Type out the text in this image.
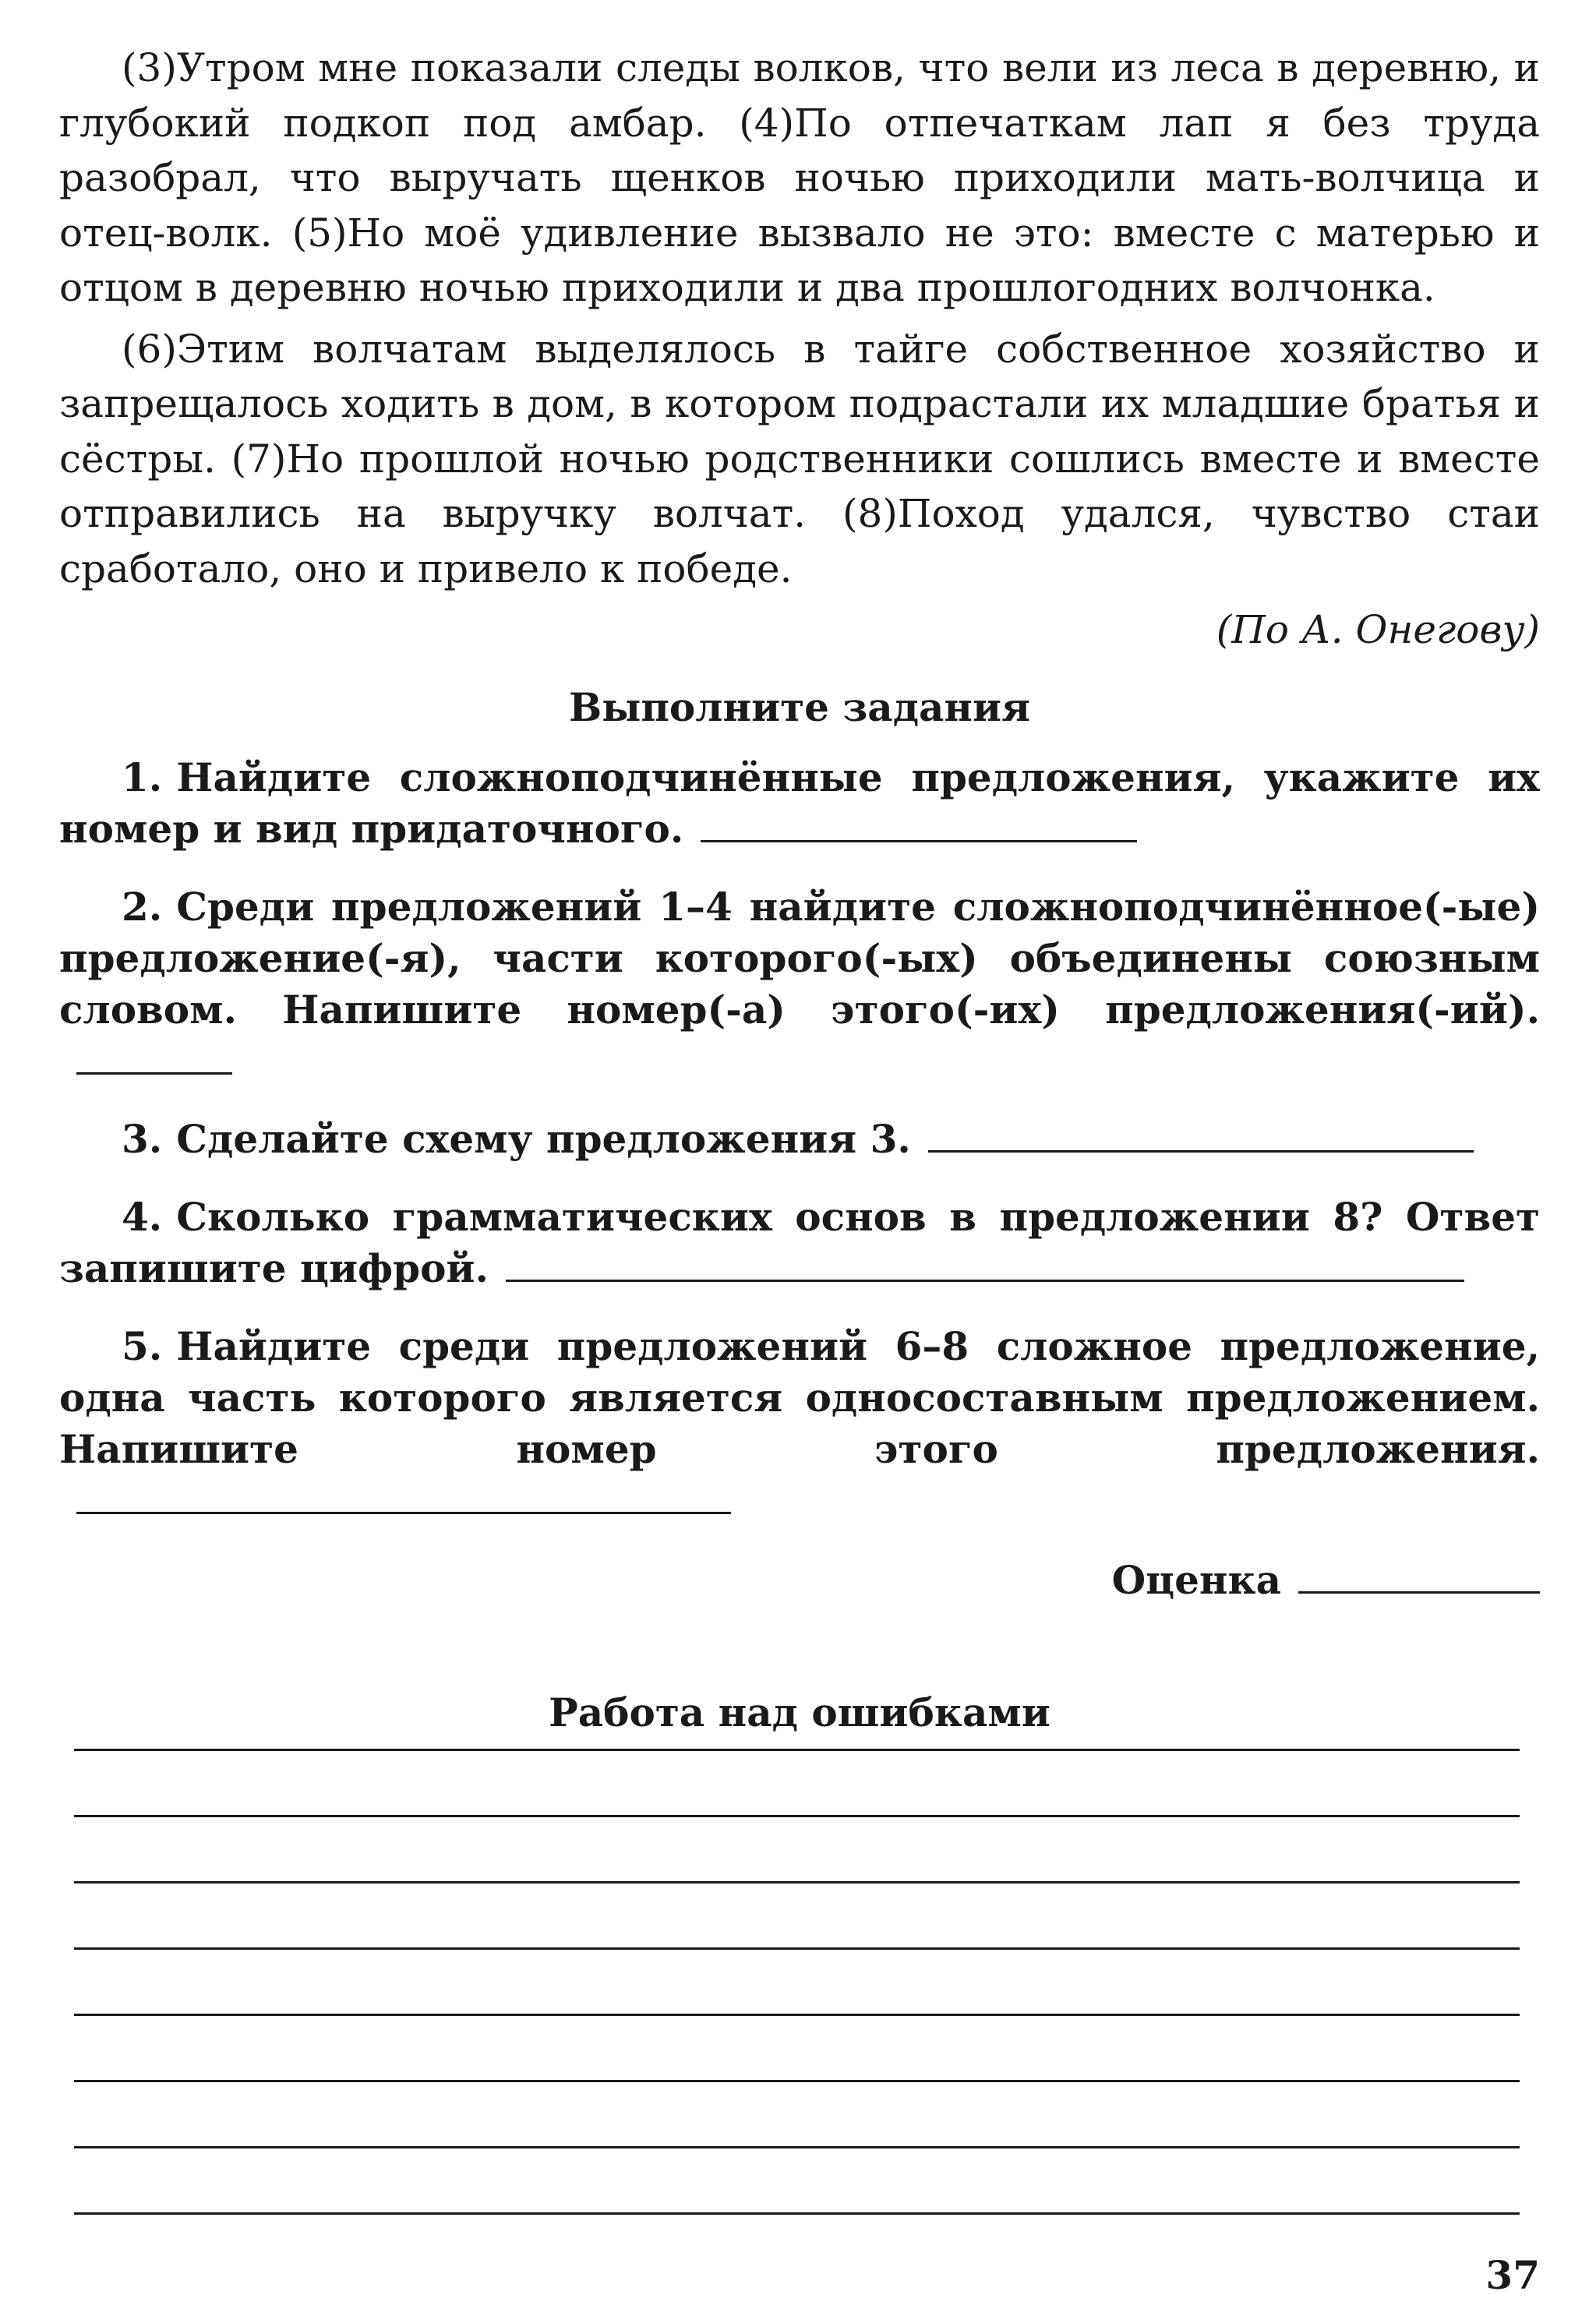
(3)Утром мне показали следы волков, что вели из леса в деревню, и глубокий подкоп под амбар. (4)По отпечаткам лап я без труда разобрал, что выручать щенков ночью приходили мать-волчица и отец-волк. (5)Но моё удивление вызвало не это: вместе с матерью и отцом в деревню ночью приходили и два прошлогодних волчонка.

(6)Этим волчатам выделялось в тайге собственное хозяйство и запрещалось ходить в дом, в котором подрастали их младшие братья и сёстры. (7)Но прошлой ночью родственники сошлись вместе и вместе отправились на выручку волчат. (8)Поход удался, чувство стаи сработало, оно и привело к победе.

(По А. Онегову)

Выполните задания
1. Найдите сложноподчинённые предложения, укажите их номер и вид придаточного.
2. Среди предложений 1–4 найдите сложноподчинённое(-ые) предложение(-я), части которого(-ых) объединены союзным словом. Напишите номер(-а) этого(-их) предложения(-ий).
3. Сделайте схему предложения 3.
4. Сколько грамматических основ в предложении 8? Ответ запишите цифрой.
5. Найдите среди предложений 6–8 сложное предложение, одна часть которого является односоставным предложением. Напишите номер этого предложения.
Оценка
Работа над ошибками
37
